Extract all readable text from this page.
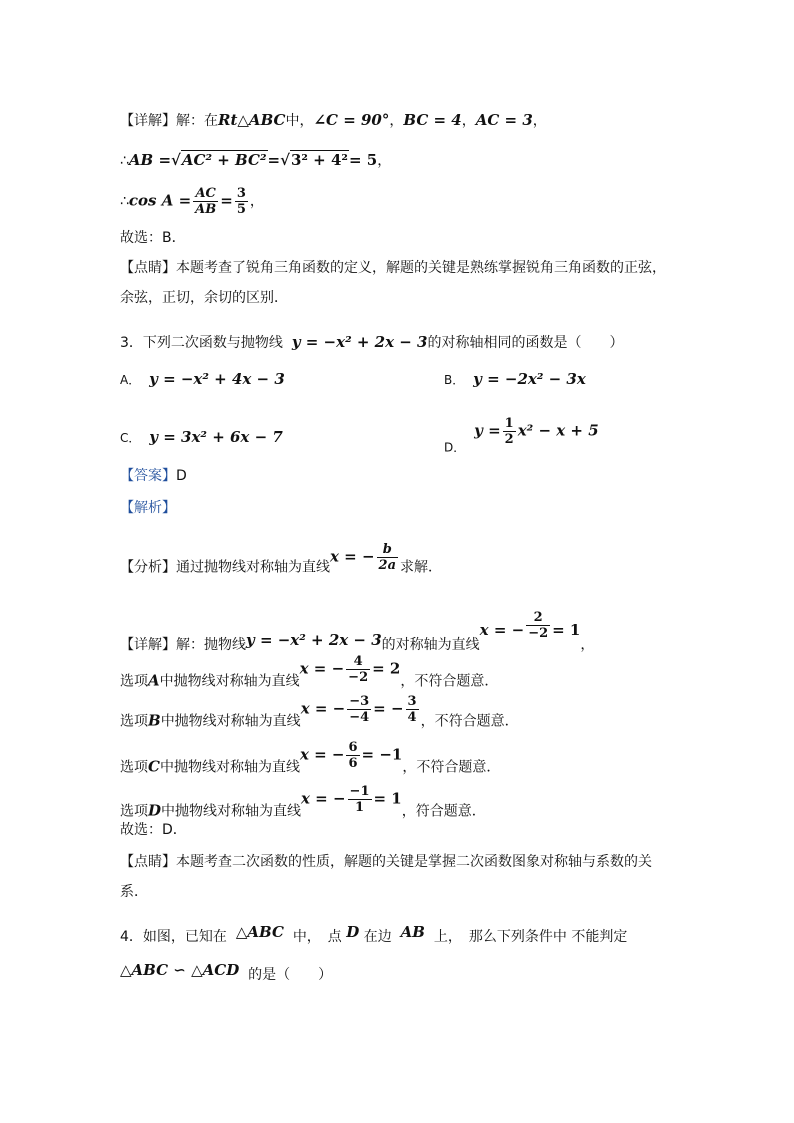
【详解】解：在Rt△ABC中，∠C = 90°，BC = 4，AC = 3，
∴AB =√AC² + BC²=√3² + 4²= 5，
∴cos $A = \frac{AC}{AB} = \frac{3}{5}$ ，
故选：B．
【点睛】本题考查了锐角三角函数的定义，解题的关键是熟练掌握锐角三角函数的正弦，
余弦，正切，余切的区别．
3．下列二次函数与抛物线 y = −x² + 2x − 3的对称轴相同的函数是（　　）
A． y = −x² + 4x − 3	B． y = −2x² − 3x
C． y = 3x² + 6x − 7
D．  $y = \frac{1}{2} x^2 - x + 5$
【答案】D
【解析】
【分析】通过抛物线对称轴为直线x = − $\frac{b}{2a}$ 求解．
【详解】解：抛物线y = −x² + 2x − 3的对称轴为直线x = − $\frac{2}{-2} = 1$，
选项A中抛物线对称轴为直线x = − $\frac{4}{-2} = 2$，不符合题意．
选项B中抛物线对称轴为直线x = − $\frac{-3}{-4}$ = − $\frac{3}{4}$ ，不符合题意．
选项C中抛物线对称轴为直线x = − $\frac{6}{6} = -1$，不符合题意．
选项D中抛物线对称轴为直线x = − $\frac{-1}{1} = 1$，符合题意．
故选：D．
【点睛】本题考查二次函数的性质，解题的关键是掌握二次函数图象对称轴与系数的关
系．
4．如图，已知在 △ABC 中，　点 D 在边 AB 上，　那么下列条件中 不能判定
△ABC ∽ △ACD 的是（　　）
